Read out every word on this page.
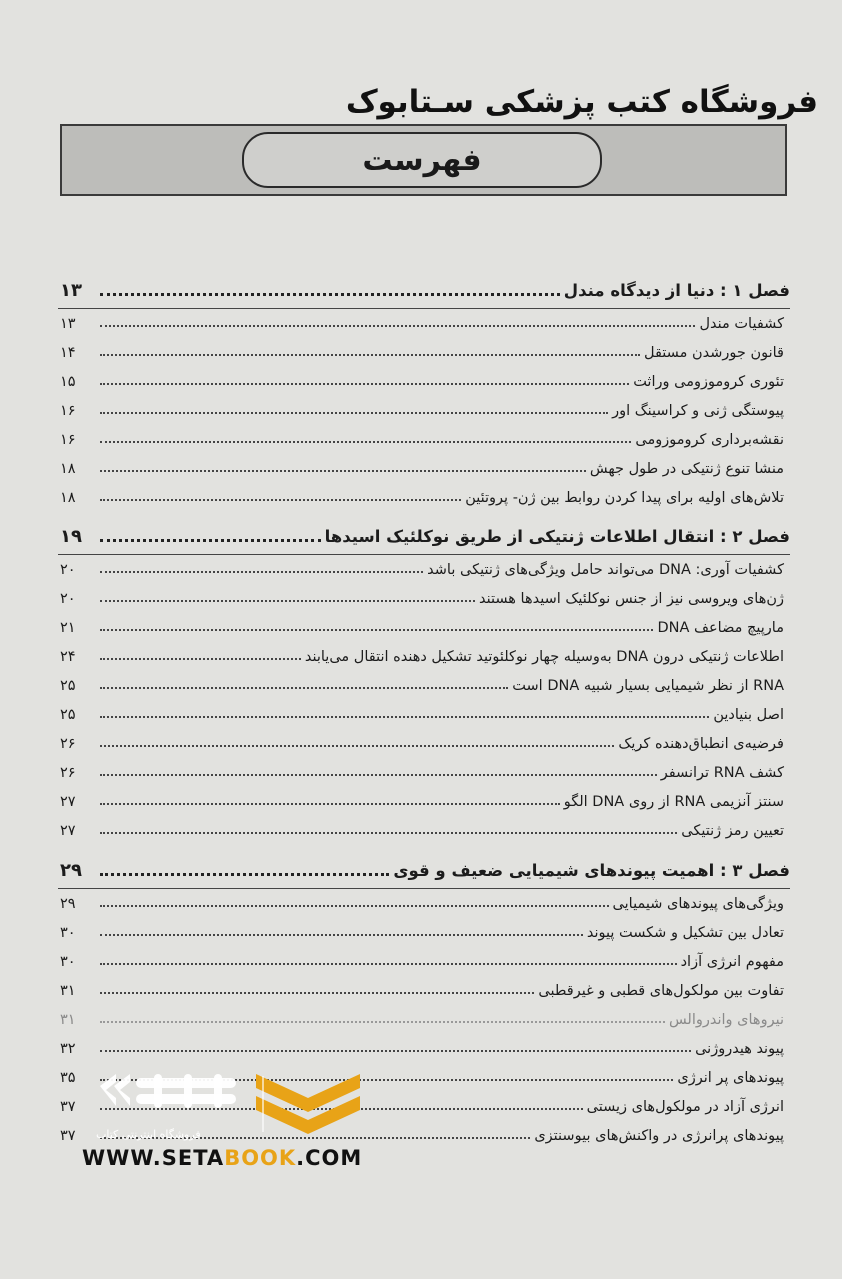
فروشگاه کتب پزشکی سـتابوک
فهرست
فصل ۱ : دنیا از دیدگاه مندل
۱۳
کشفیات مندل
۱۳
قانون جورشدن مستقل
۱۴
تئوری کروموزومی وراثت
۱۵
پیوستگی ژنی و کراسینگ اور
۱۶
نقشه‌برداری کروموزومی
۱۶
منشا تنوع ژنتیکی در طول جهش
۱۸
تلاش‌های اولیه برای پیدا کردن روابط بین ژن- پروتئین
۱۸
فصل ۲ : انتقال اطلاعات ژنتیکی از طریق نوکلئیک اسیدها
۱۹
کشفیات آوری: DNA می‌تواند حامل ویژگی‌های ژنتیکی باشد
۲۰
ژن‌های ویروسی نیز از جنس نوکلئیک اسیدها هستند
۲۰
مارپیچ مضاعف DNA
۲۱
اطلاعات ژنتیکی درون DNA به‌وسیله چهار نوکلئوتید تشکیل دهنده انتقال می‌یابند
۲۴
RNA از نظر شیمیایی بسیار شبیه DNA است
۲۵
اصل بنیادین
۲۵
فرضیه‌ی انطباق‌دهنده کریک
۲۶
کشف RNA ترانسفر
۲۶
سنتز آنزیمی RNA از روی DNA الگو
۲۷
تعیین رمز ژنتیکی
۲۷
فصل ۳ : اهمیت پیوندهای شیمیایی ضعیف و قوی
۲۹
ویژگی‌های پیوندهای شیمیایی
۲۹
تعادل بین تشکیل و شکست پیوند
۳۰
مفهوم انرژی آزاد
۳۰
تفاوت بین مولکول‌های قطبی و غیرقطبی
۳۱
نیروهای واندروالس
۳۱
پیوند هیدروژنی
۳۲
پیوندهای پر انرژی
۳۵
انرژی آزاد در مولکول‌های زیستی
۳۷
پیوندهای پرانرژی در واکنش‌های بیوسنتزی
۳۷	فروشگاه اینترنتی کتاب
WWW.SETABOOK.COM
